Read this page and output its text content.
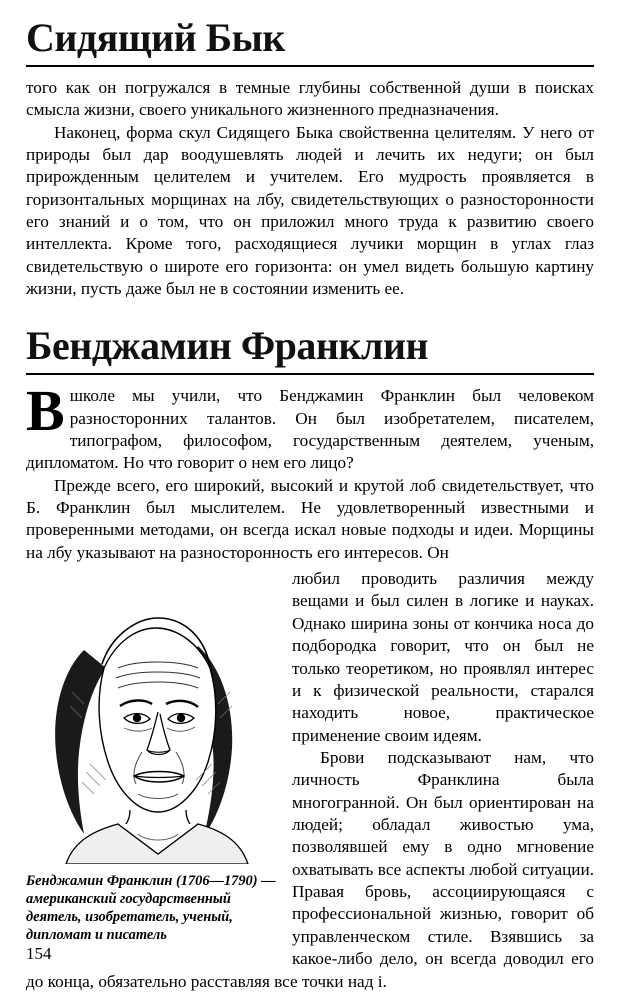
Сидящий Бык

того как он погружался в темные глубины собственной души в поисках смысла жизни, своего уникального жизненного предназначения.

Наконец, форма скул Сидящего Быка свойственна целителям. У него от природы был дар воодушевлять людей и лечить их недуги; он был прирожденным целителем и учителем. Его мудрость проявляется в горизонтальных морщинах на лбу, свидетельствующих о разносторонности его знаний и о том, что он приложил много труда к развитию своего интеллекта. Кроме того, расходящиеся лучики морщин в углах глаз свидетельствую о широте его горизонта: он умел видеть большую картину жизни, пусть даже был не в состоянии изменить ее.

Бенджамин Франклин

В школе мы учили, что Бенджамин Франклин был человеком разносторонних талантов. Он был изобретателем, писателем, типографом, философом, государственным деятелем, ученым, дипломатом. Но что говорит о нем его лицо?

Прежде всего, его широкий, высокий и крутой лоб свидетельствует, что Б. Франклин был мыслителем. Не удовлетворенный известными и проверенными методами, он всегда искал новые подходы и идеи. Морщины на лбу указывают на разносторонность его интересов. Он

Бенджамин Франклин (1706—1790) — американский государственный деятель, изобретатель, ученый, дипломат и писатель

любил проводить различия между вещами и был силен в логике и науках. Однако ширина зоны от кончика носа до подбородка говорит, что он был не только теоретиком, но проявлял интерес и к физической реальности, старался находить новое, практическое применение своим идеям.

Брови подсказывают нам, что личность Франклина была многогранной. Он был ориентирован на людей; обладал живостью ума, позволявшей ему в одно мгновение охватывать все аспекты любой ситуации. Правая бровь, ассоциирующаяся с профессиональной жизнью, говорит об управленческом стиле. Взявшись за какое-либо дело, он всегда доводил его до конца, обязательно расставляя все точки над i.

154
